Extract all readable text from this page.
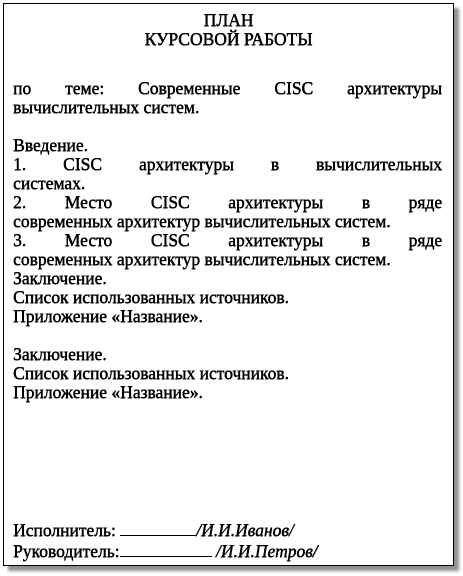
ПЛАН
КУРСОВОЙ РАБОТЫ
по теме: Современные CISC архитектуры
вычислительных систем.
Введение.
1. CISC архитектуры в вычислительных
системах.
2. Место CISC архитектуры в ряде
современных архитектур вычислительных систем.
3. Место CISC архитектуры в ряде
современных архитектур вычислительных систем.
Заключение.
Список использованных источников.
Приложение «Название».
Заключение.
Список использованных источников.
Приложение «Название».
Исполнитель:	/И.И.Иванов/
Руководитель:	/И.И.Петров/
